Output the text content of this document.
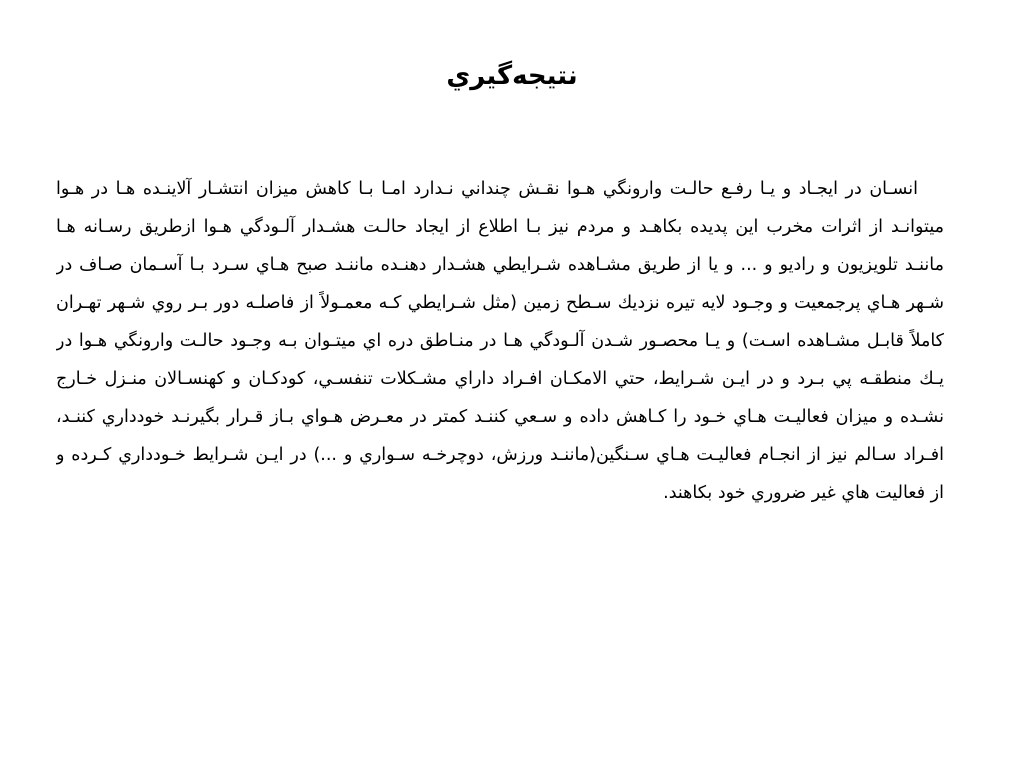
نتيجه‌گيري
انسـان در ايجـاد و يـا رفـع حالـت وارونگي هـوا نقـش چنداني نـدارد امـا بـا كاهش ميزان انتشـار آلاينـده هـا در هـوا
ميتوانـد از اثرات مخرب اين پديده بكاهـد و مردم نيز بـا اطلاع از ايجاد حالـت هشـدار آلـودگي هـوا ازطريق رسـانه هـا
ماننـد تلويزيون و راديو و ... و يا از طريق مشـاهده شـرايطي هشـدار دهنـده ماننـد صبح هـاي سـرد بـا آسـمان صـاف در
شـهر هـاي پرجمعيت و وجـود لايه تيره نزديك سـطح زمين (مثل شـرايطي كـه معمـولاً از فاصلـه دور بـر روي شـهر تهـران
كاملاً قابـل مشـاهده اسـت) و يـا محصـور شـدن آلـودگي هـا در منـاطق دره اي ميتـوان بـه وجـود حالـت وارونگي هـوا در
يـك منطقـه پي بـرد و در ايـن شـرايط، حتي الامكـان افـراد داراي مشـكلات تنفسـي، كودكـان و كهنسـالان منـزل خـارج
نشـده و ميزان فعاليـت هـاي خـود را كـاهش داده و سـعي كننـد كمتر در معـرض هـواي بـاز قـرار بگيرنـد خودداري كننـد،
افـراد سـالم نيز از انجـام فعاليـت هـاي سـنگين(ماننـد ورزش، دوچرخـه سـواري و ...) در ايـن شـرايط خـودداري كـرده و
از فعاليت هاي غير ضروري خود بكاهند.
